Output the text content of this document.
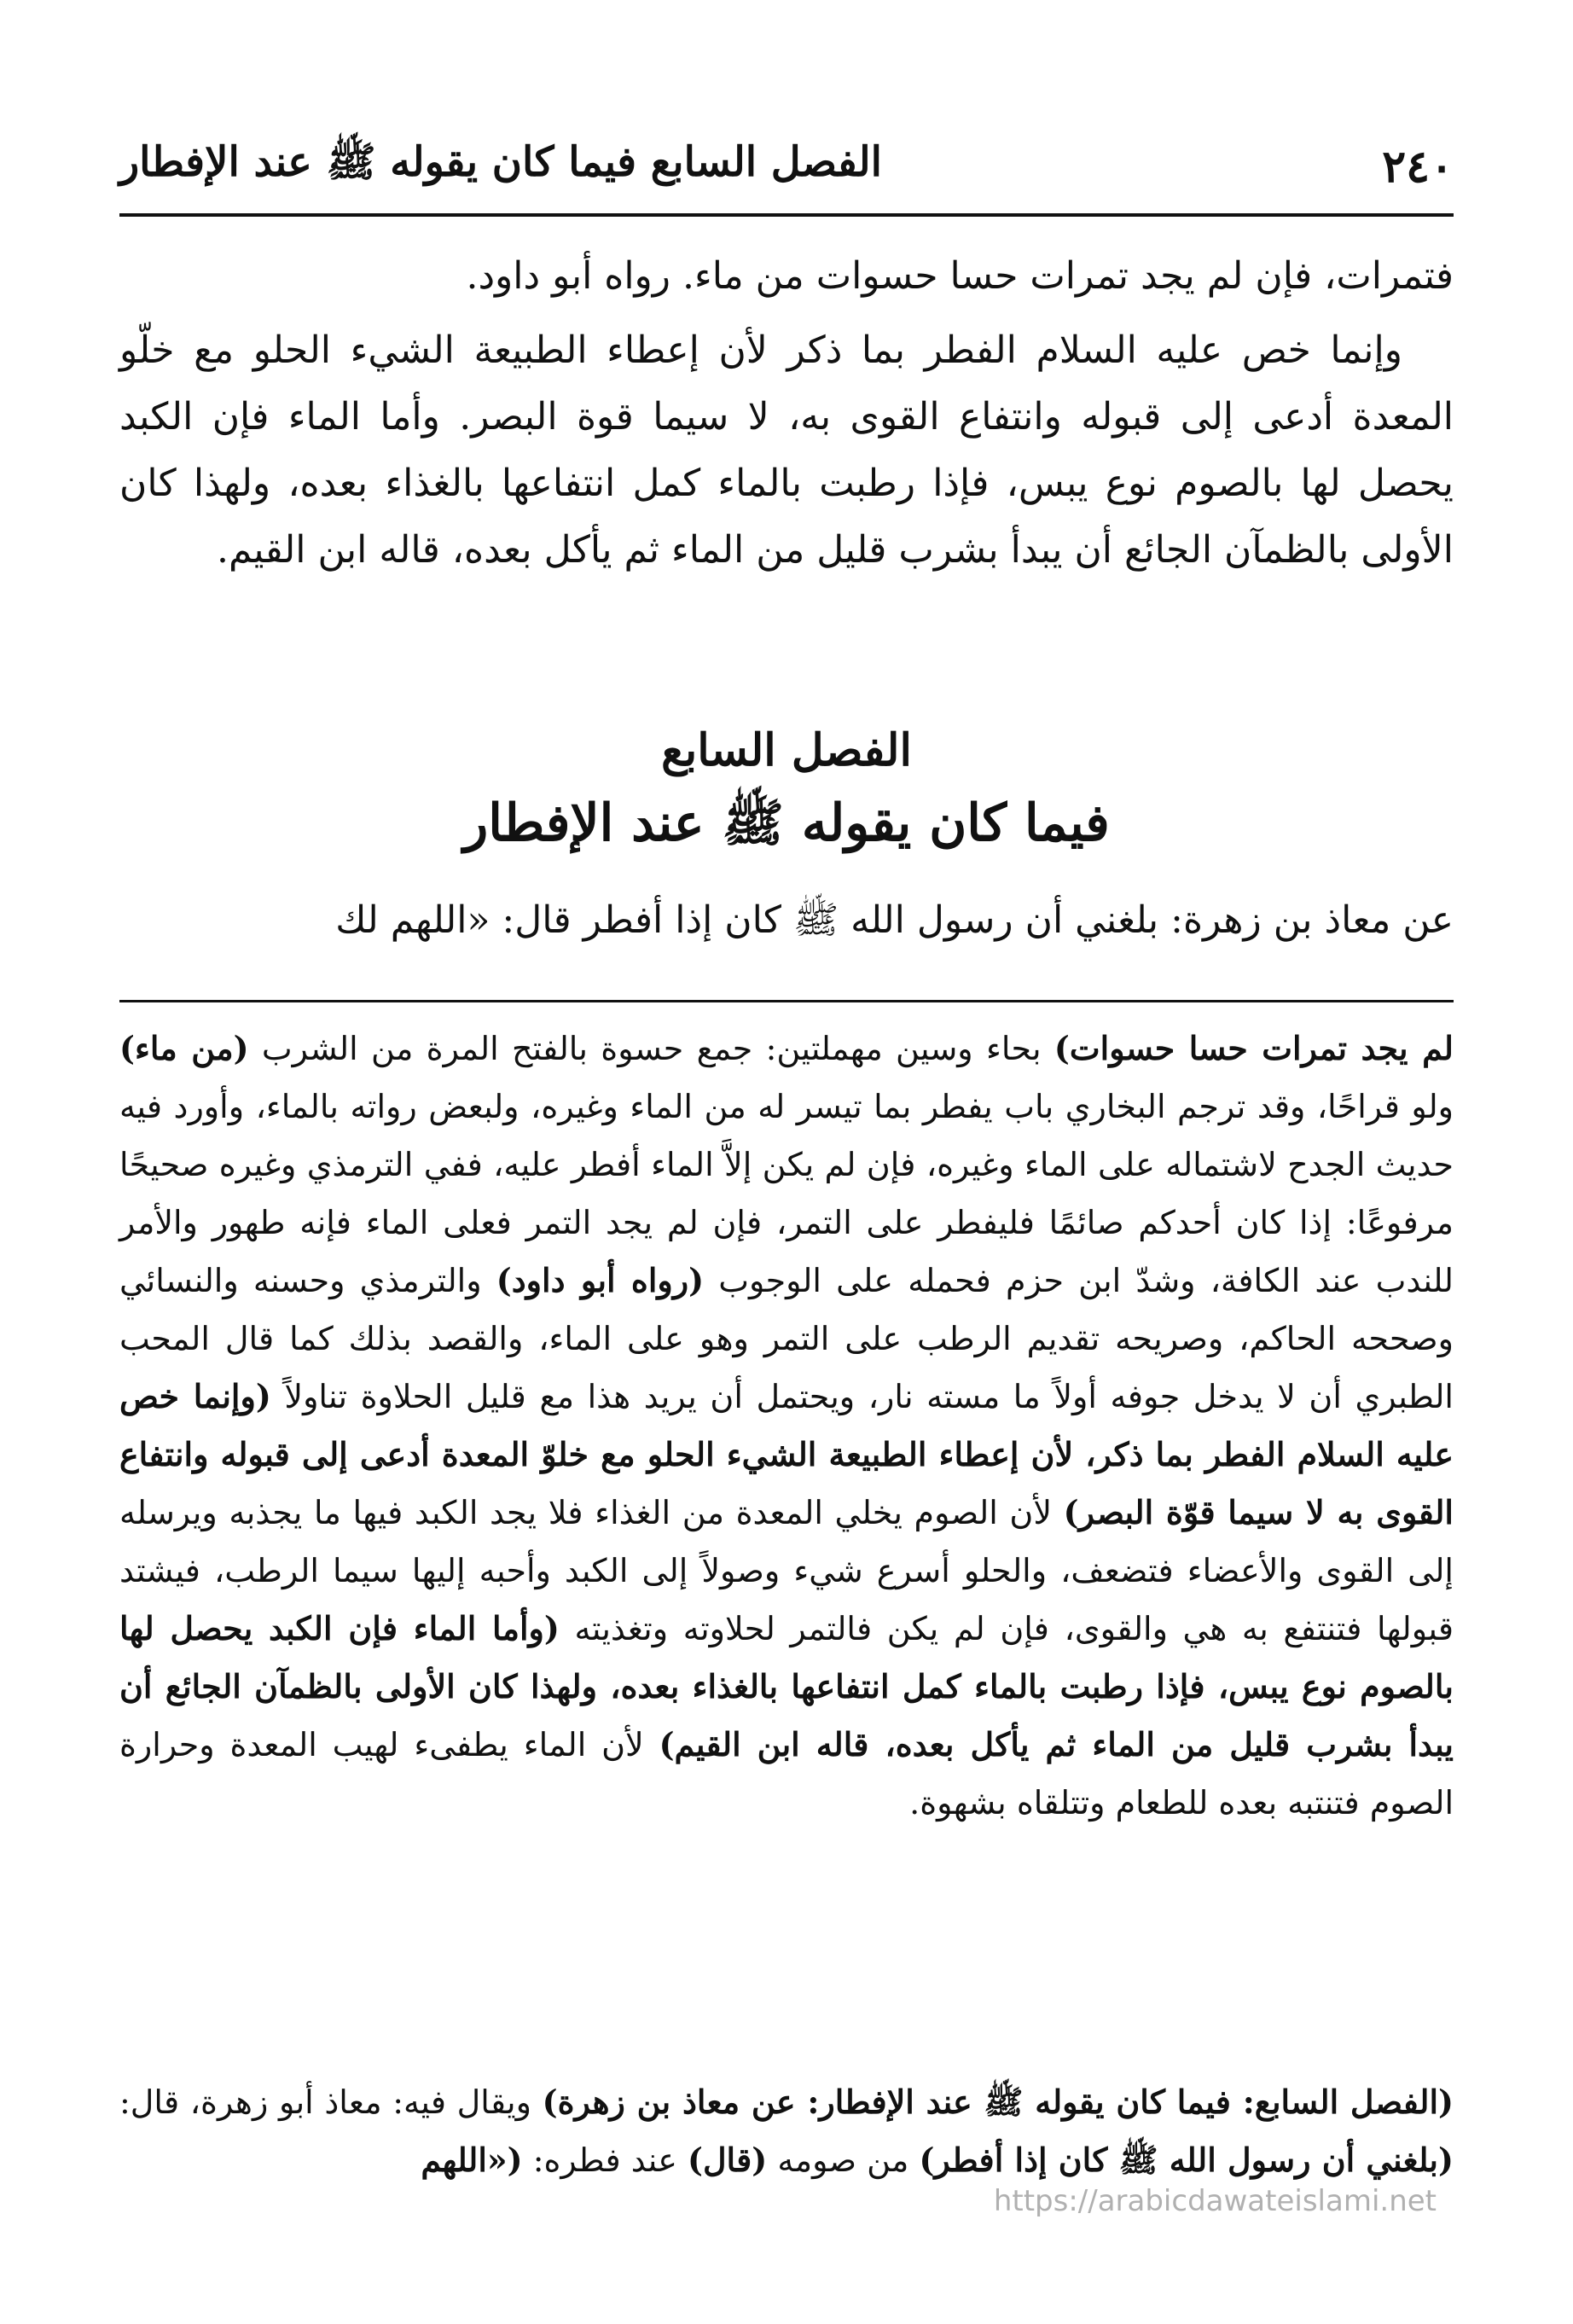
٢٤٠
الفصل السابع فيما كان يقوله ﷺ عند الإفطار

فتمرات، فإن لم يجد تمرات حسا حسوات من ماء. رواه أبو داود.

وإنما خص عليه السلام الفطر بما ذكر لأن إعطاء الطبيعة الشيء الحلو مع خلّو المعدة أدعى إلى قبوله وانتفاع القوى به، لا سيما قوة البصر. وأما الماء فإن الكبد يحصل لها بالصوم نوع يبس، فإذا رطبت بالماء كمل انتفاعها بالغذاء بعده، ولهذا كان الأولى بالظمآن الجائع أن يبدأ بشرب قليل من الماء ثم يأكل بعده، قاله ابن القيم.

الفصل السابع

فيما كان يقوله ﷺ عند الإفطار

عن معاذ بن زهرة: بلغني أن رسول الله ﷺ كان إذا أفطر قال: «اللهم لك

لم يجد تمرات حسا حسوات) بحاء وسين مهملتين: جمع حسوة بالفتح المرة من الشرب (من ماء) ولو قراحًا، وقد ترجم البخاري باب يفطر بما تيسر له من الماء وغيره، ولبعض رواته بالماء، وأورد فيه حديث الجدح لاشتماله على الماء وغيره، فإن لم يكن إلاَّ الماء أفطر عليه، ففي الترمذي وغيره صحيحًا مرفوعًا: إذا كان أحدكم صائمًا فليفطر على التمر، فإن لم يجد التمر فعلى الماء فإنه طهور والأمر للندب عند الكافة، وشدّ ابن حزم فحمله على الوجوب (رواه أبو داود) والترمذي وحسنه والنسائي وصححه الحاكم، وصريحه تقديم الرطب على التمر وهو على الماء، والقصد بذلك كما قال المحب الطبري أن لا يدخل جوفه أولاً ما مسته نار، ويحتمل أن يريد هذا مع قليل الحلاوة تناولاً (وإنما خص عليه السلام الفطر بما ذكر، لأن إعطاء الطبيعة الشيء الحلو مع خلوّ المعدة أدعى إلى قبوله وانتفاع القوى به لا سيما قوّة البصر) لأن الصوم يخلي المعدة من الغذاء فلا يجد الكبد فيها ما يجذبه ويرسله إلى القوى والأعضاء فتضعف، والحلو أسرع شيء وصولاً إلى الكبد وأحبه إليها سيما الرطب، فيشتد قبولها فتنتفع به هي والقوى، فإن لم يكن فالتمر لحلاوته وتغذيته (وأما الماء فإن الكبد يحصل لها بالصوم نوع يبس، فإذا رطبت بالماء كمل انتفاعها بالغذاء بعده، ولهذا كان الأولى بالظمآن الجائع أن يبدأ بشرب قليل من الماء ثم يأكل بعده، قاله ابن القيم) لأن الماء يطفىء لهيب المعدة وحرارة الصوم فتنتبه بعده للطعام وتتلقاه بشهوة.

(الفصل السابع: فيما كان يقوله ﷺ عند الإفطار: عن معاذ بن زهرة) ويقال فيه: معاذ أبو زهرة، قال: (بلغني أن رسول الله ﷺ كان إذا أفطر) من صومه (قال) عند فطره: («اللهم

https://arabicdawateislami.net
